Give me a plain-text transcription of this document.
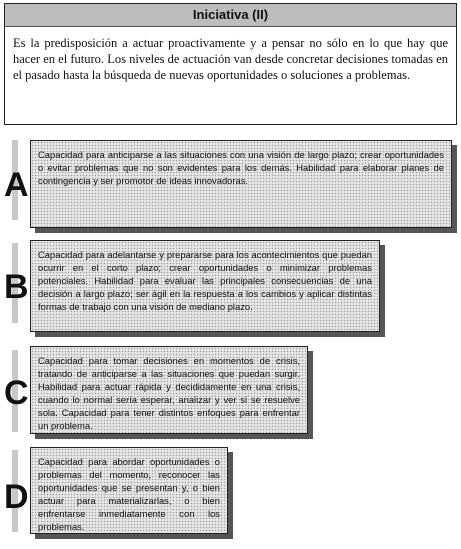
Iniciativa (II)
Es la predisposición a actuar proactivamente y a pensar no sólo en lo que hay que hacer en el futuro. Los niveles de actuación van desde concretar decisiones tomadas en el pasado hasta la búsqueda de nuevas oportunidades o soluciones a problemas.
A
Capacidad para anticiparse a las situaciones con una visión de largo plazo; crear oportunidades o evitar problemas que no son evidentes para los demás. Habilidad para elaborar planes de contingencia y ser promotor de ideas innovadoras.
B
Capacidad para adelantarse y prepararse para los acontecimientos que puedan ocurrir en el corto plazo; crear oportunidades o minimizar problemas potenciales. Habilidad para evaluar las principales consecuencias de una decisión a largo plazo; ser ágil en la respuesta a los cambios y aplicar distintas formas de trabajo con una visión de mediano plazo.
C
Capacidad para tomar decisiones en momentos de crisis, tratando de anticiparse a las situaciones que puedan surgir. Habilidad para actuar rápida y decididamente en una crisis, cuando lo normal sería esperar, analizar y ver si se resuelve sola. Capacidad para tener distintos enfoques para enfrentar un problema.
D
Capacidad para abordar oportunidades o problemas del momento, reconocer las oportunidades que se presentan y, o bien actuar para materializarlas, o bien enfrentarse inmediatamente con los problemas.
